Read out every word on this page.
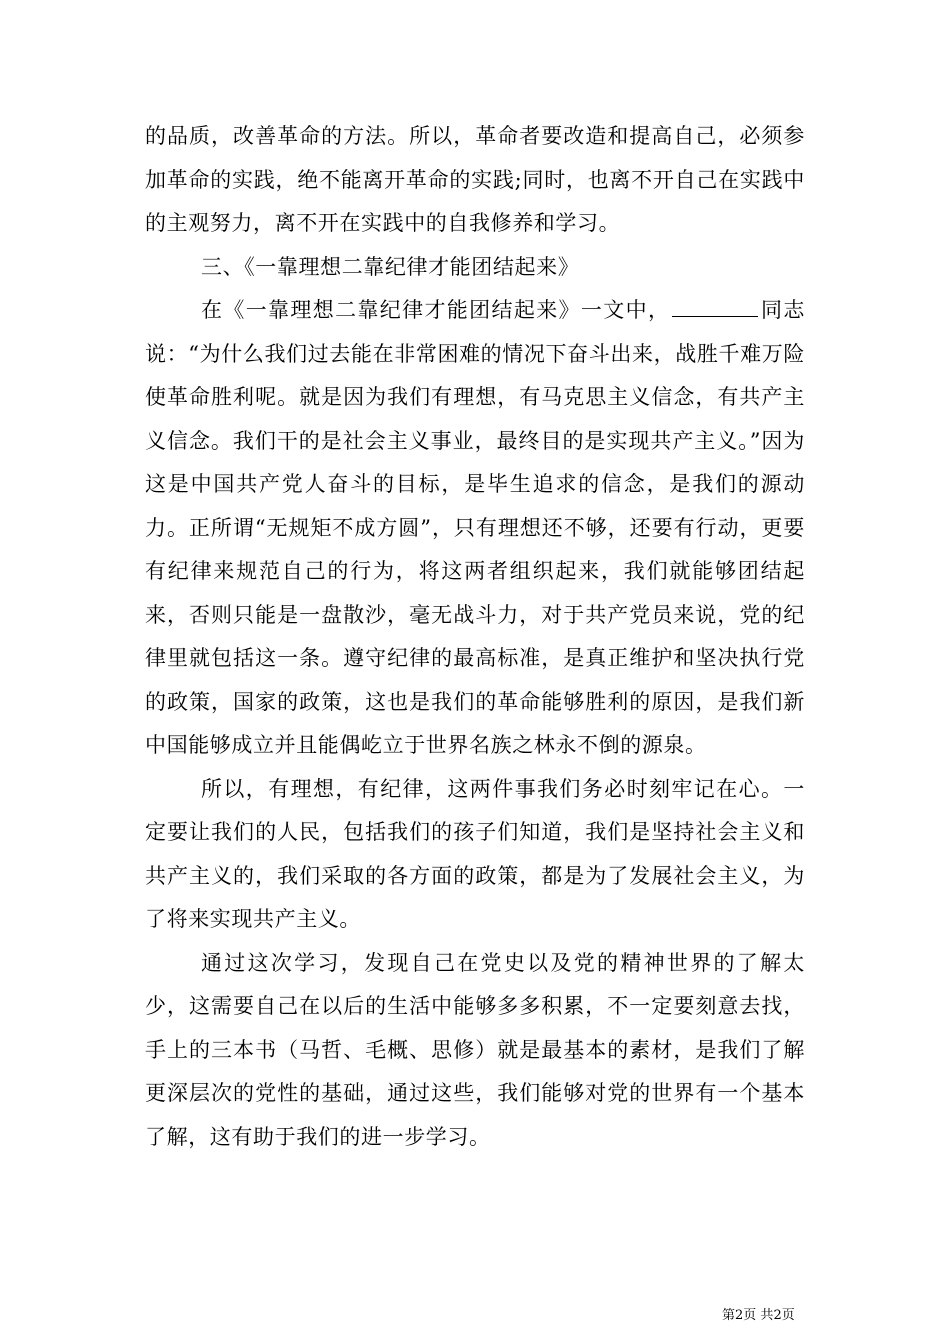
的品质，改善革命的方法。所以，革命者要改造和提高自己，必须参加革命的实践，绝不能离开革命的实践;同时，也离不开自己在实践中的主观努力，离不开在实践中的自我修养和学习。

三、《一靠理想二靠纪律才能团结起来》

在《一靠理想二靠纪律才能团结起来》一文中，	同志说：“为什么我们过去能在非常困难的情况下奋斗出来，战胜千难万险使革命胜利呢。就是因为我们有理想，有马克思主义信念，有共产主义信念。我们干的是社会主义事业，最终目的是实现共产主义。”因为这是中国共产党人奋斗的目标，是毕生追求的信念，是我们的源动力。正所谓“无规矩不成方圆”，只有理想还不够，还要有行动，更要有纪律来规范自己的行为，将这两者组织起来，我们就能够团结起来，否则只能是一盘散沙，毫无战斗力，对于共产党员来说，党的纪律里就包括这一条。遵守纪律的最高标准，是真正维护和坚决执行党的政策，国家的政策，这也是我们的革命能够胜利的原因，是我们新中国能够成立并且能偶屹立于世界名族之林永不倒的源泉。

所以，有理想，有纪律，这两件事我们务必时刻牢记在心。一定要让我们的人民，包括我们的孩子们知道，我们是坚持社会主义和共产主义的，我们采取的各方面的政策，都是为了发展社会主义，为了将来实现共产主义。

通过这次学习，发现自己在党史以及党的精神世界的了解太少，这需要自己在以后的生活中能够多多积累，不一定要刻意去找，手上的三本书（马哲、毛概、思修）就是最基本的素材，是我们了解更深层次的党性的基础，通过这些，我们能够对党的世界有一个基本了解，这有助于我们的进一步学习。

第2页 共2页
